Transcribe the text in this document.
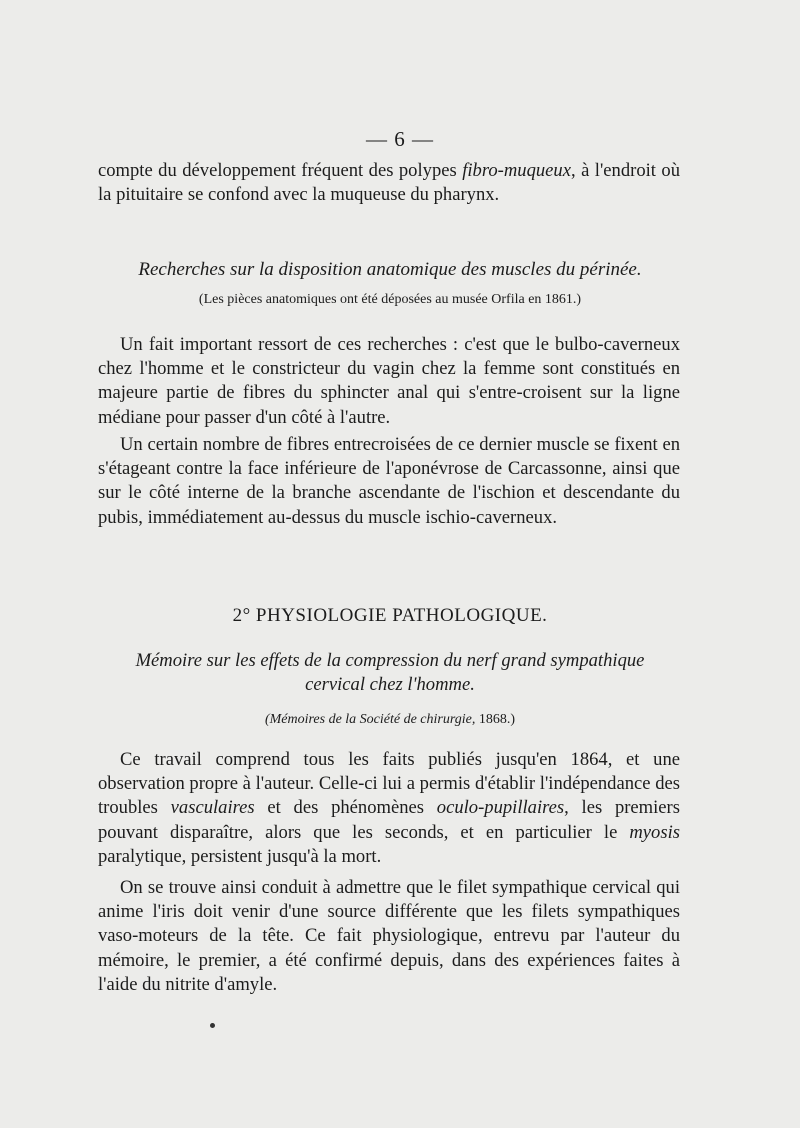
— 6 —

compte du développement fréquent des polypes fibro-muqueux, à l'endroit où la pituitaire se confond avec la muqueuse du pharynx.

Recherches sur la disposition anatomique des muscles du périnée.

(Les pièces anatomiques ont été déposées au musée Orfila en 1861.)

Un fait important ressort de ces recherches : c'est que le bulbo-caverneux chez l'homme et le constricteur du vagin chez la femme sont constitués en majeure partie de fibres du sphincter anal qui s'entre-croisent sur la ligne médiane pour passer d'un côté à l'autre.

Un certain nombre de fibres entrecroisées de ce dernier muscle se fixent en s'étageant contre la face inférieure de l'aponévrose de Carcassonne, ainsi que sur le côté interne de la branche ascendante de l'ischion et descendante du pubis, immédiatement au-dessus du muscle ischio-caverneux.

2° PHYSIOLOGIE PATHOLOGIQUE.

Mémoire sur les effets de la compression du nerf grand sympathique
cervical chez l'homme.

(Mémoires de la Société de chirurgie, 1868.)

Ce travail comprend tous les faits publiés jusqu'en 1864, et une observation propre à l'auteur. Celle-ci lui a permis d'établir l'indépendance des troubles vasculaires et des phénomènes oculo-pupillaires, les premiers pouvant disparaître, alors que les seconds, et en particulier le myosis paralytique, persistent jusqu'à la mort.

On se trouve ainsi conduit à admettre que le filet sympathique cervical qui anime l'iris doit venir d'une source différente que les filets sympathiques vaso-moteurs de la tête. Ce fait physiologique, entrevu par l'auteur du mémoire, le premier, a été confirmé depuis, dans des expériences faites à l'aide du nitrite d'amyle.
